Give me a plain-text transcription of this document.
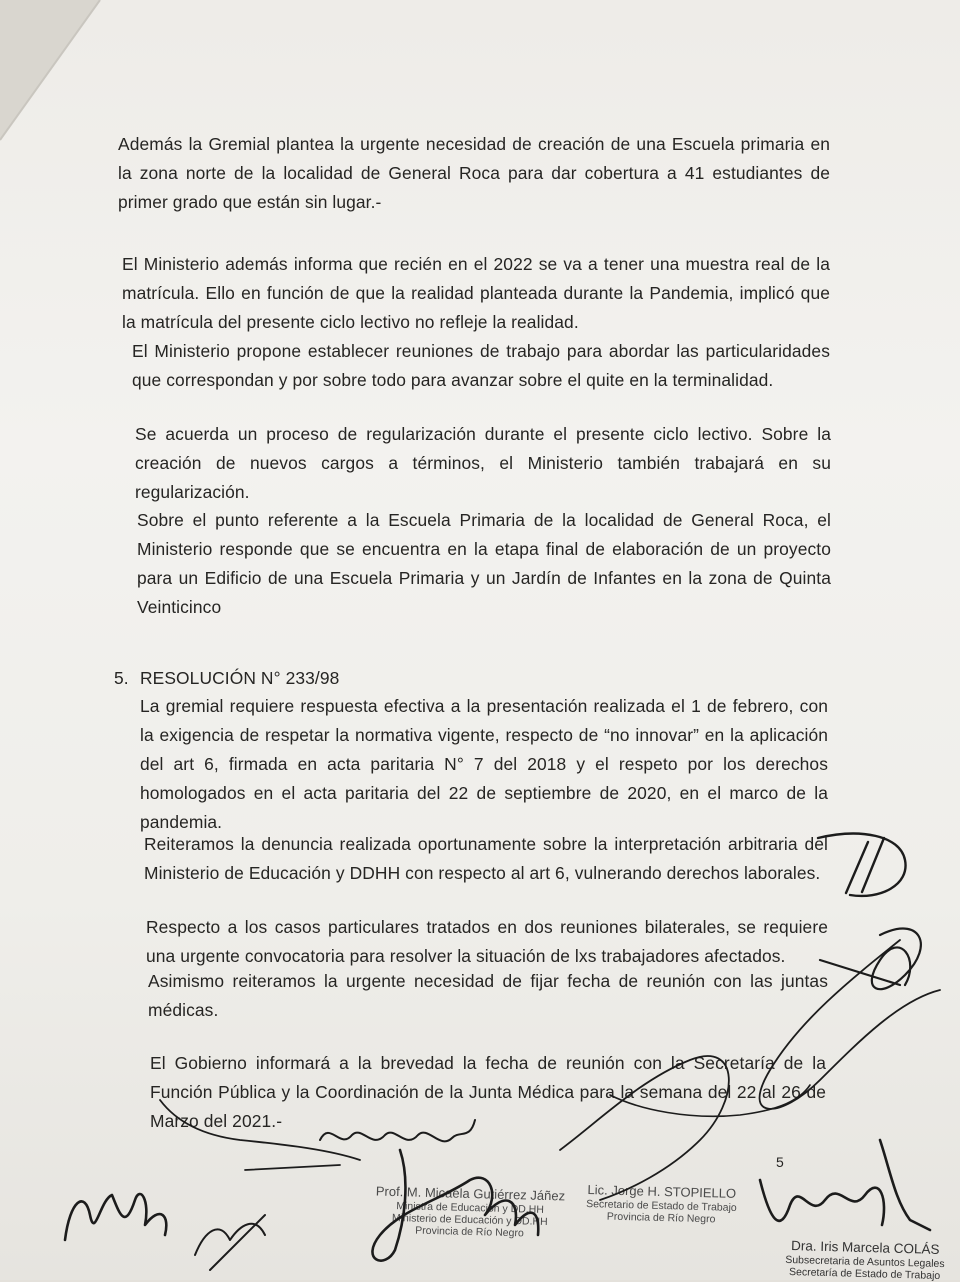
Además la Gremial plantea la urgente necesidad de creación de una Escuela primaria en la zona norte de la localidad de General Roca para dar cobertura a 41 estudiantes de primer grado que están sin lugar.-

El Ministerio además informa que recién en el 2022 se va a tener una muestra real de la matrícula. Ello en función de que la realidad planteada durante la Pandemia, implicó que la matrícula del presente ciclo lectivo no refleje la realidad.

El Ministerio propone establecer reuniones de trabajo para abordar las particularidades que correspondan y por sobre todo para avanzar sobre el quite en la terminalidad.

Se acuerda un proceso de regularización durante el presente ciclo lectivo. Sobre la creación de nuevos cargos a términos, el Ministerio también trabajará en su regularización.

Sobre el punto referente a la Escuela Primaria de la localidad de General Roca, el Ministerio responde que se encuentra en la etapa final de elaboración de un proyecto para un Edificio de una Escuela Primaria y un Jardín de Infantes en la zona de Quinta Veinticinco

5. RESOLUCIÓN N° 233/98

La gremial requiere respuesta efectiva a la presentación realizada el 1 de febrero, con la exigencia de respetar la normativa vigente, respecto de “no innovar” en la aplicación del art 6, firmada en acta paritaria N° 7 del 2018 y el respeto por los derechos homologados en el acta paritaria del 22 de septiembre de 2020, en el marco de la pandemia.

Reiteramos la denuncia realizada oportunamente sobre la interpretación arbitraria del Ministerio de Educación y DDHH con respecto al art 6, vulnerando derechos laborales.

Respecto a los casos particulares tratados en dos reuniones bilaterales, se requiere una urgente convocatoria para resolver la situación de lxs trabajadores afectados.

Asimismo reiteramos la urgente necesidad de fijar fecha de reunión con las juntas médicas.

El Gobierno informará a la brevedad la fecha de reunión con la Secretaría de la Función Pública y la Coordinación de la Junta Médica para la semana del 22 al 26 de Marzo del 2021.-

5
Prof. M. Micaela Gutiérrez Jáñez
Ministra de Educación y DD.HH
Ministerio de Educación y DD.HH
Provincia de Río Negro
Lic. Jorge H. STOPIELLO
Secretario de Estado de Trabajo
Provincia de Río Negro
Dra. Iris Marcela COLÁS
Subsecretaria de Asuntos Legales
Secretaría de Estado de Trabajo
